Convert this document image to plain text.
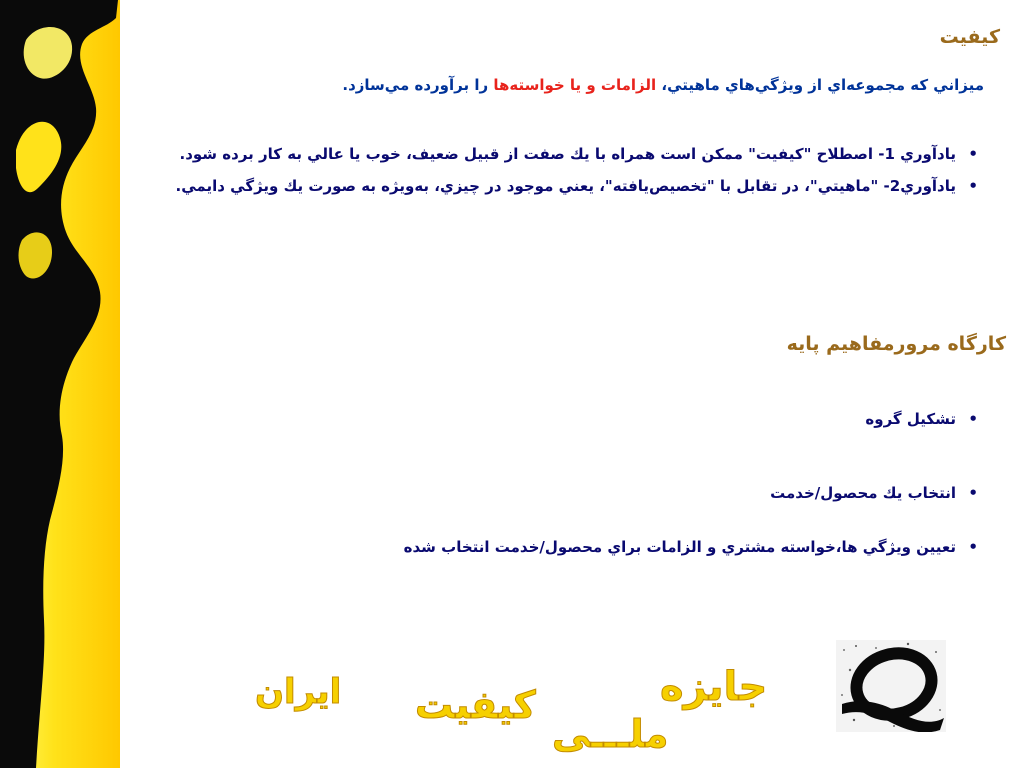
كيفيت
ميزاني كه مجموعه‌اي از ويژگي‌هاي ماهيتي، الزامات و يا خواسته‌ها را برآورده مي‌سازد.
• يادآوري 1- اصطلاح "كيفيت" ممكن است همراه با يك صفت از قبيل ضعيف، خوب يا عالي به كار برده شود.
• يادآوري2- "ماهيتي"، در تقابل با "تخصيص‌يافته"، يعني موجود در چيزي، به‌ويژه به صورت يك ويژگي دايمي.
كارگاه مرورمفاهيم پايه
• تشكيل گروه
• انتخاب يك محصول/خدمت
• تعيين ويژگي ها،خواسته مشتري و الزامات براي محصول/خدمت انتخاب شده
جايزه
كيفيت
ملـــى
ايران
